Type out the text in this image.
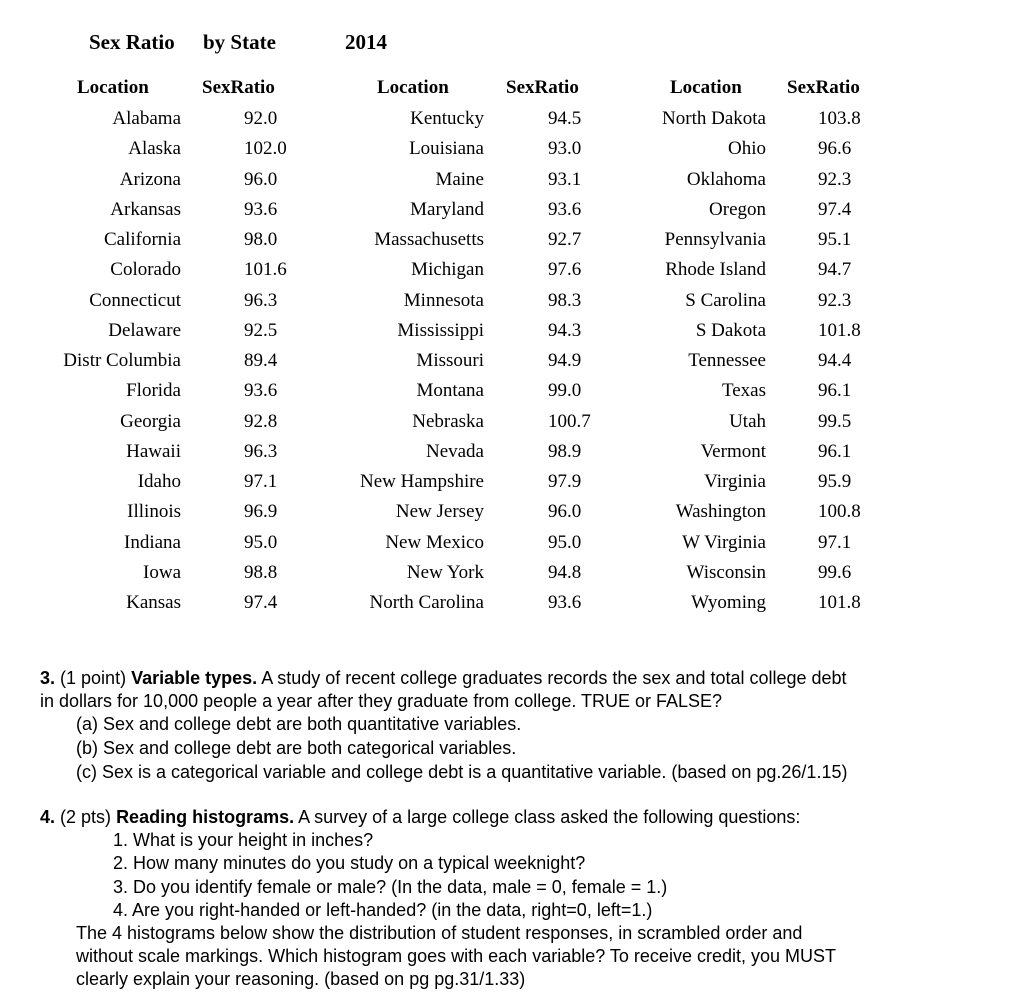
Sex Ratio by State	2014
Location	SexRatio
Alabama	92.0
Alaska	102.0
Arizona	96.0
Arkansas	93.6
California	98.0
Colorado	101.6
Connecticut	96.3
Delaware	92.5
Distr Columbia	89.4
Florida	93.6
Georgia	92.8
Hawaii	96.3
Idaho	97.1
Illinois	96.9
Indiana	95.0
Iowa	98.8
Kansas	97.4
Location	SexRatio
Kentucky	94.5
Louisiana	93.0
Maine	93.1
Maryland	93.6
Massachusetts	92.7
Michigan	97.6
Minnesota	98.3
Mississippi	94.3
Missouri	94.9
Montana	99.0
Nebraska	100.7
Nevada	98.9
New Hampshire	97.9
New Jersey	96.0
New Mexico	95.0
New York	94.8
North Carolina	93.6
Location SexRatio
North Dakota	103.8
Ohio	96.6
Oklahoma	92.3
Oregon	97.4
Pennsylvania	95.1
Rhode Island	94.7
S Carolina	92.3
S Dakota	101.8
Tennessee	94.4
Texas	96.1
Utah	99.5
Vermont	96.1
Virginia	95.9
Washington	100.8
W Virginia	97.1
Wisconsin	99.6
Wyoming	101.8
3. (1 point) Variable types. A study of recent college graduates records the sex and total college debt
in dollars for 10,000 people a year after they graduate from college. TRUE or FALSE?
(a) Sex and college debt are both quantitative variables.
(b) Sex and college debt are both categorical variables.
(c) Sex is a categorical variable and college debt is a quantitative variable. (based on pg.26/1.15)
4. (2 pts) Reading histograms. A survey of a large college class asked the following questions:
1. What is your height in inches?
2. How many minutes do you study on a typical weeknight?
3. Do you identify female or male? (In the data, male = 0, female = 1.)
4. Are you right-handed or left-handed? (in the data, right=0, left=1.)
The 4 histograms below show the distribution of student responses, in scrambled order and
without scale markings. Which histogram goes with each variable? To receive credit, you MUST
clearly explain your reasoning. (based on pg pg.31/1.33)
